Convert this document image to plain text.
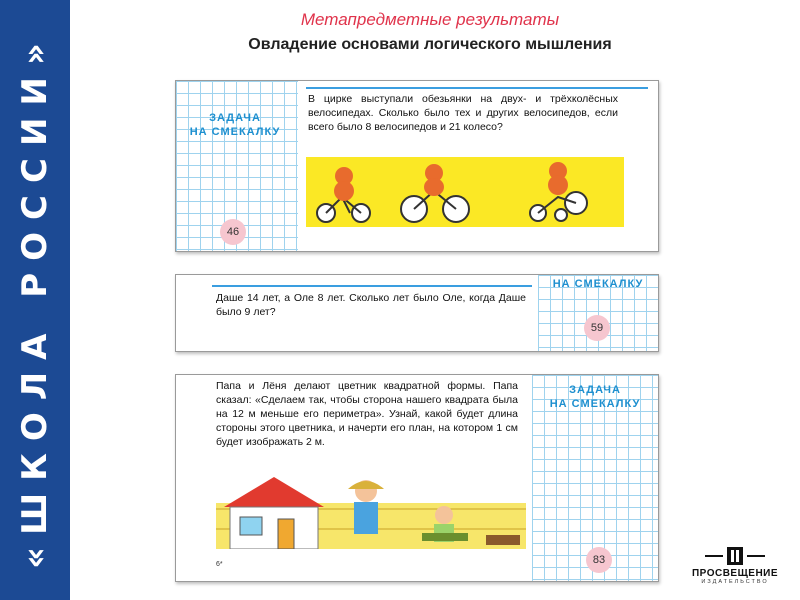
«ШКОЛА РОССИИ»
Метапредметные результаты
Овладение основами логического мышления
ЗАДАЧА
НА СМЕКАЛКУ
46
В цирке выступали обезьянки на двух- и трёхколёсных велосипедах. Сколько было тех и других велосипедов, если всего было 8 велосипедов и 21 колесо?
НА СМЕКАЛКУ
59
Даше 14 лет, а Оле 8 лет. Сколько лет было Оле, когда Даше было 9 лет?
ЗАДАЧА
НА СМЕКАЛКУ
83
Папа и Лёня делают цветник квадратной формы. Папа сказал: «Сделаем так, чтобы сторона нашего квадрата была на 12 м меньше его периметра». Узнай, какой будет длина стороны этого цветника, и начерти его план, на котором 1 см будет изображать 2 м.
6*
ПРОСВЕЩЕНИЕ
ИЗДАТЕЛЬСТВО
